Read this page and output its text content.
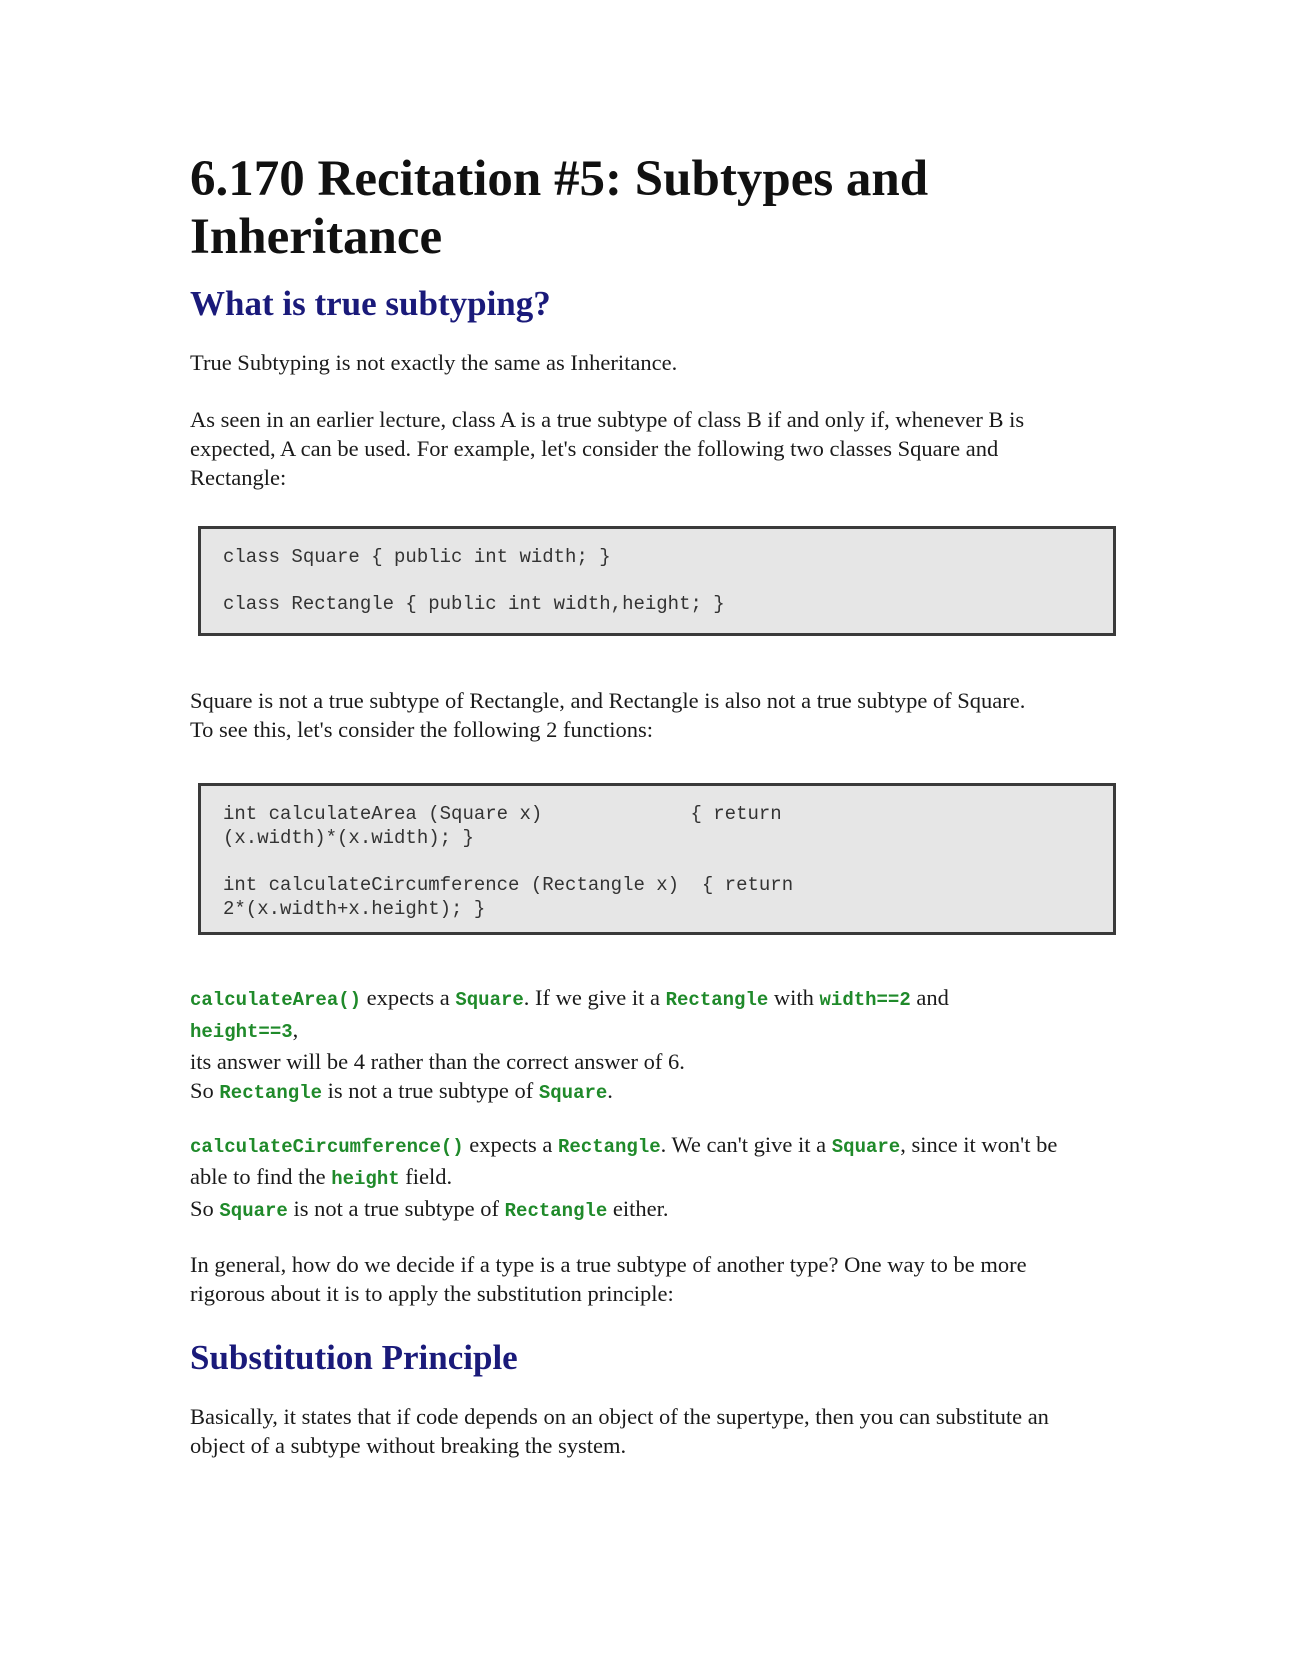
6.170 Recitation #5: Subtypes and Inheritance
What is true subtyping?

True Subtyping is not exactly the same as Inheritance.

As seen in an earlier lecture, class A is a true subtype of class B if and only if, whenever B is expected, A can be used. For example, let's consider the following two classes Square and Rectangle:

class Square { public int width; }
class Rectangle { public int width,height; }

Square is not a true subtype of Rectangle, and Rectangle is also not a true subtype of Square.
To see this, let's consider the following 2 functions:

int calculateArea (Square x)             { return
(x.width)*(x.width); }
int calculateCircumference (Rectangle x)  { return
2*(x.width+x.height); }

calculateArea() expects a Square. If we give it a Rectangle with width==2 and
height==3,
its answer will be 4 rather than the correct answer of 6.
So Rectangle is not a true subtype of Square.

calculateCircumference() expects a Rectangle. We can't give it a Square, since it won't be able to find the height field.
So Square is not a true subtype of Rectangle either.

In general, how do we decide if a type is a true subtype of another type? One way to be more rigorous about it is to apply the substitution principle:

Substitution Principle

Basically, it states that if code depends on an object of the supertype, then you can substitute an object of a subtype without breaking the system.
